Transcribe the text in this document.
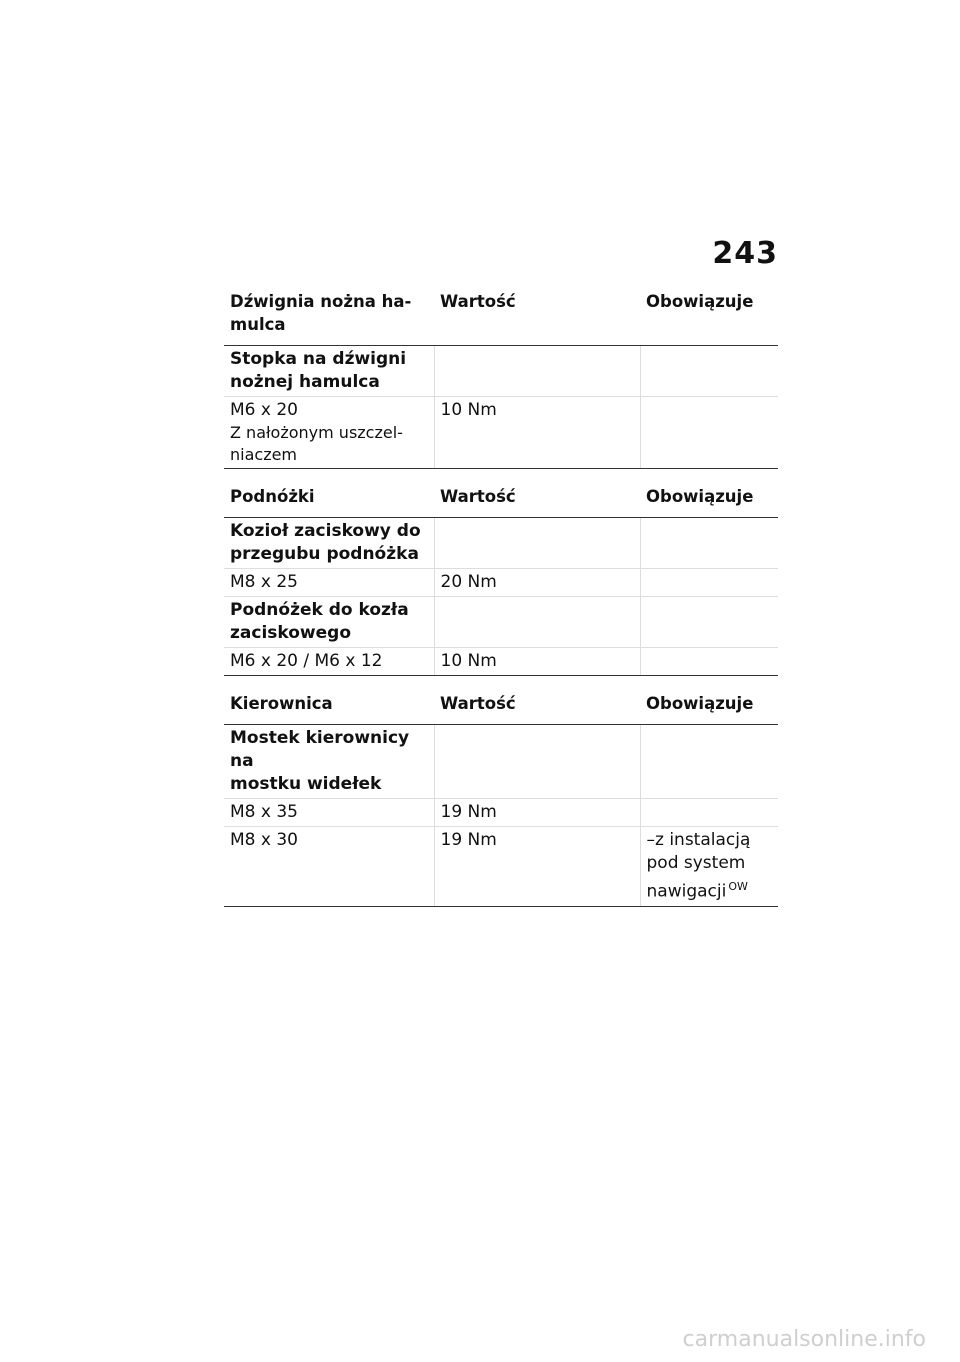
243
Dźwignia nożna ha-
mulca	Wartość	Obowiązuje
Stopka na dźwigni
nożnej hamulca		

M6 x 20
Z nałożonym uszczel-
niaczem	10 Nm	
Podnóżki	Wartość	Obowiązuje
Kozioł zaciskowy do
przegubu podnóżka		
M8 x 25	20 Nm	
Podnóżek do kozła
zaciskowego		
M6 x 20 / M6 x 12	10 Nm	
Kierownica	Wartość	Obowiązuje
Mostek kierownicy na
mostku widełek		
M8 x 35	19 Nm	
M8 x 30	19 Nm	–z instalacją
pod system
nawigacji $^{OW}$
carmanualsonline.info
